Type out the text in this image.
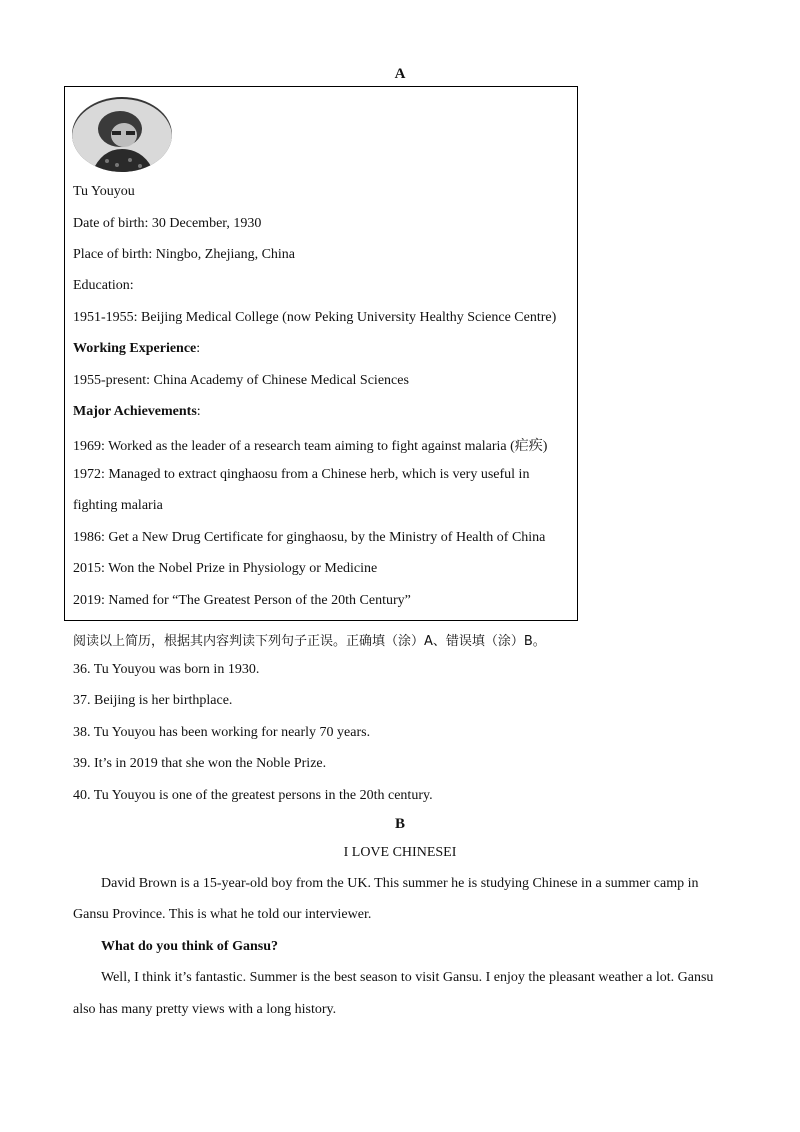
A
Tu Youyou
Date of birth: 30 December, 1930
Place of birth: Ningbo, Zhejiang, China
Education:
1951-1955: Beijing Medical College (now Peking University Healthy Science Centre)
Working Experience:
1955-present: China Academy of Chinese Medical Sciences
Major Achievements:
1969: Worked as the leader of a research team aiming to fight against malaria (疟疾)
1972: Managed to extract qinghaosu from a Chinese herb, which is very useful in
fighting malaria
1986: Get a New Drug Certificate for ginghaosu, by the Ministry of Health of China
2015: Won the Nobel Prize in Physiology or Medicine
2019: Named for “The Greatest Person of the 20th Century”
阅读以上简历，根据其内容判读下列句子正误。正确填（涂）A、错误填（涂）B。
36. Tu Youyou was born in 1930.
37. Beijing is her birthplace.
38. Tu Youyou has been working for nearly 70 years.
39. It’s in 2019 that she won the Noble Prize.
40. Tu Youyou is one of the greatest persons in the 20th century.
B
I LOVE CHINESEI
David Brown is a 15-year-old boy from the UK. This summer he is studying Chinese in a summer camp in
Gansu Province. This is what he told our interviewer.
What do you think of Gansu?
Well, I think it’s fantastic. Summer is the best season to visit Gansu. I enjoy the pleasant weather a lot. Gansu
also has many pretty views with a long history.
